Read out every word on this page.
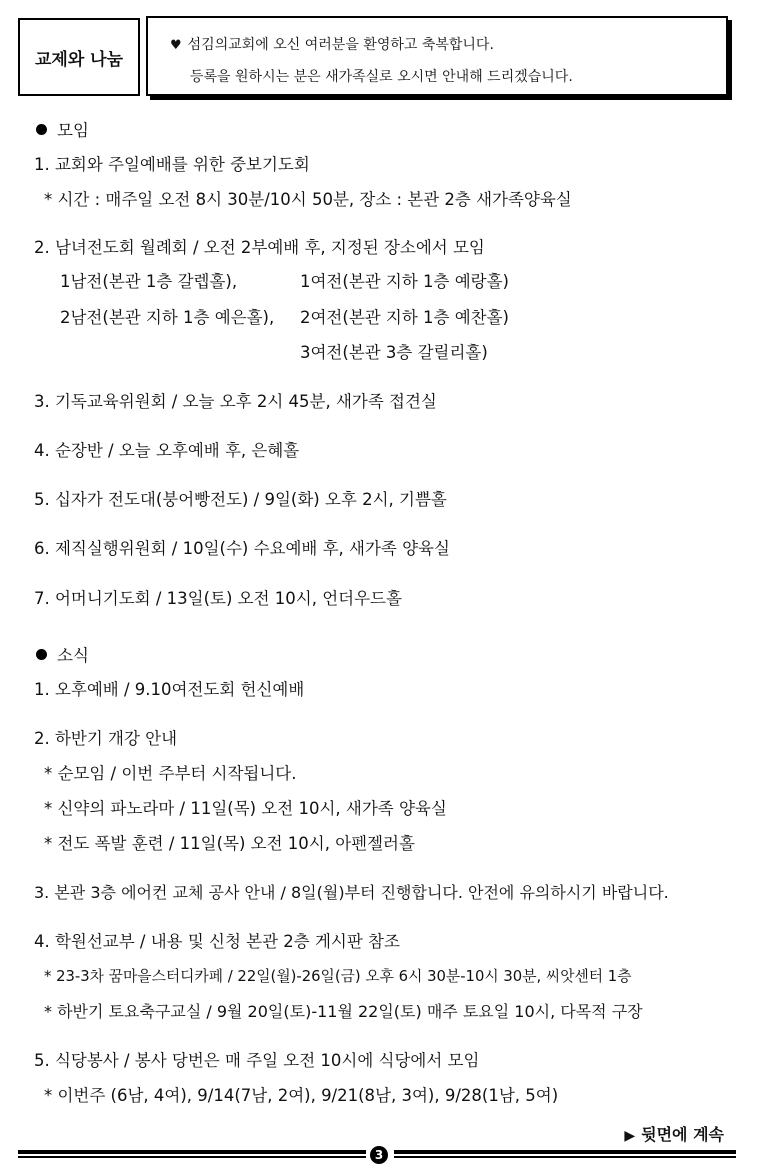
교제와 나눔
♥ 섬김의교회에 오신 여러분을 환영하고 축복합니다.
등록을 원하시는 분은 새가족실로 오시면 안내해 드리겠습니다.
모임
1. 교회와 주일예배를 위한 중보기도회
* 시간 : 매주일 오전 8시 30분/10시 50분, 장소 : 본관 2층 새가족양육실
2. 남녀전도회 월례회 / 오전 2부예배 후, 지정된 장소에서 모임
1남전(본관 1층 갈렙홀),	1여전(본관 지하 1층 예랑홀)
2남전(본관 지하 1층 예은홀), 2여전(본관 지하 1층 예찬홀)
3여전(본관 3층 갈릴리홀)
3. 기독교육위원회 / 오늘 오후 2시 45분, 새가족 접견실
4. 순장반 / 오늘 오후예배 후, 은혜홀
5. 십자가 전도대(붕어빵전도) / 9일(화) 오후 2시, 기쁨홀
6. 제직실행위원회 / 10일(수) 수요예배 후, 새가족 양육실
7. 어머니기도회 / 13일(토) 오전 10시, 언더우드홀
소식
1. 오후예배 / 9.10여전도회 헌신예배
2. 하반기 개강 안내
* 순모임 / 이번 주부터 시작됩니다.
* 신약의 파노라마 / 11일(목) 오전 10시, 새가족 양육실
* 전도 폭발 훈련 / 11일(목) 오전 10시, 아펜젤러홀
3. 본관 3층 에어컨 교체 공사 안내 / 8일(월)부터 진행합니다. 안전에 유의하시기 바랍니다.
4. 학원선교부 / 내용 및 신청 본관 2층 게시판 참조
* 23-3차 꿈마을스터디카페 / 22일(월)-26일(금) 오후 6시 30분-10시 30분, 씨앗센터 1층
* 하반기 토요축구교실 / 9월 20일(토)-11월 22일(토) 매주 토요일 10시, 다목적 구장
5. 식당봉사 / 봉사 당번은 매 주일 오전 10시에 식당에서 모임
* 이번주 (6남, 4여), 9/14(7남, 2여), 9/21(8남, 3여), 9/28(1남, 5여)
▶ 뒷면에 계속
3
